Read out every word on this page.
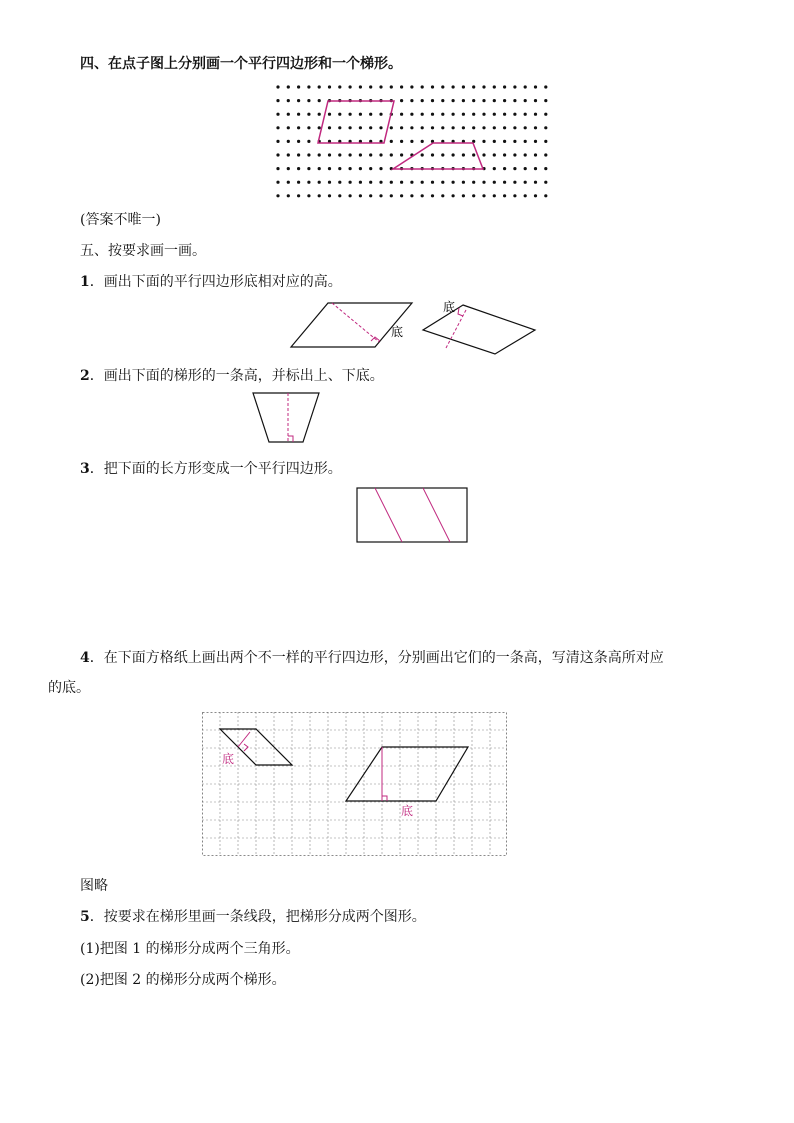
四、在点子图上分别画一个平行四边形和一个梯形。
(答案不唯一)
五、按要求画一画。
1．画出下面的平行四边形底相对应的高。
底
底
2．画出下面的梯形的一条高，并标出上、下底。
3．把下面的长方形变成一个平行四边形。
4．在下面方格纸上画出两个不一样的平行四边形，分别画出它们的一条高，写清这条高所对应
的底。
底
底
图略
5．按要求在梯形里画一条线段，把梯形分成两个图形。
(1)把图 1 的梯形分成两个三角形。
(2)把图 2 的梯形分成两个梯形。
